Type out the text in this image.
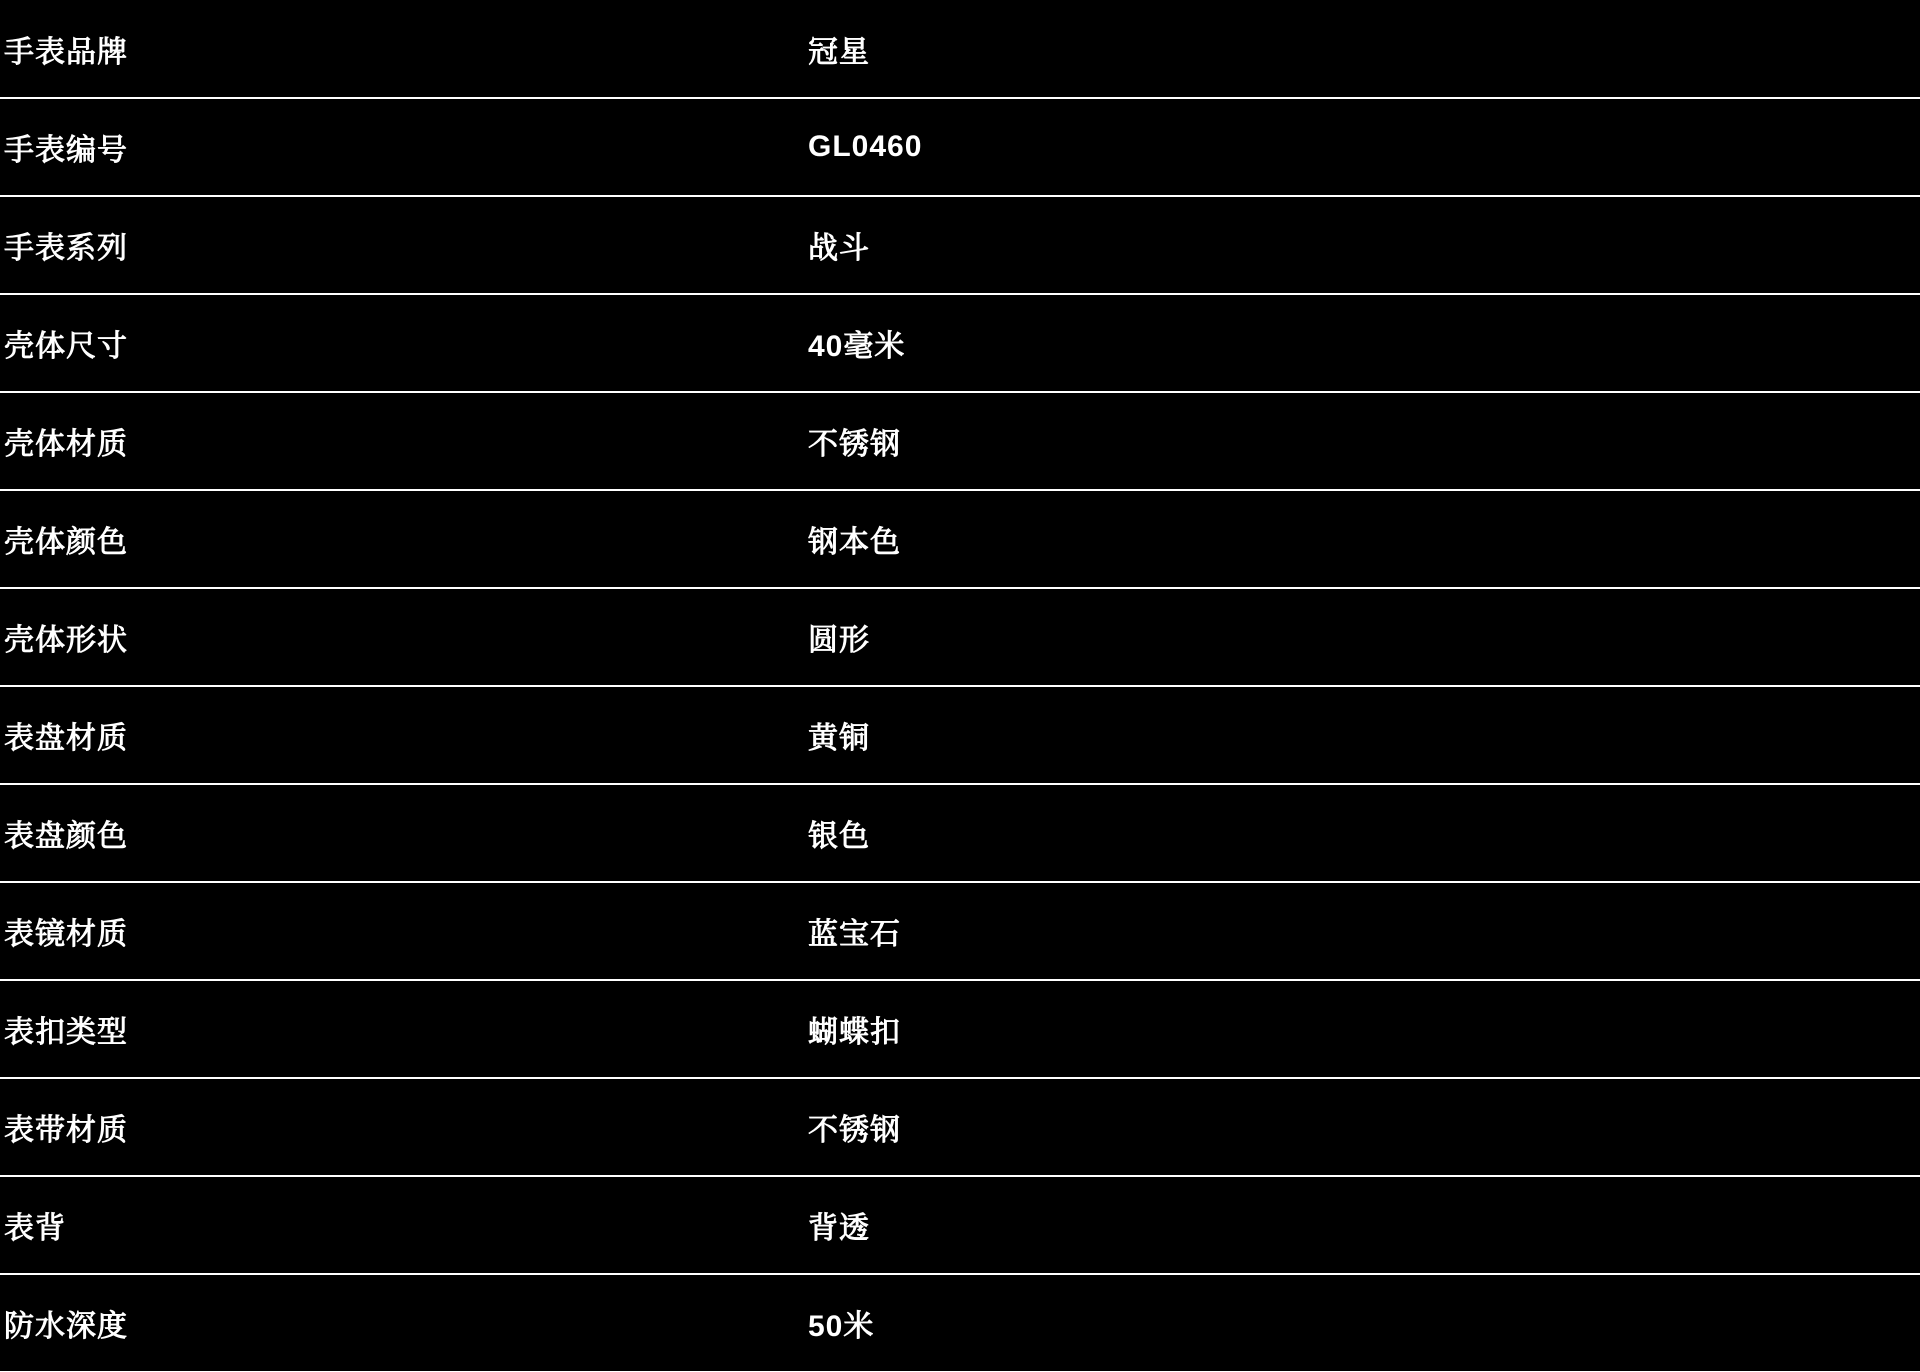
手表品牌	冠星
手表编号	GL0460
手表系列	战斗
壳体尺寸	40毫米
壳体材质	不锈钢
壳体颜色	钢本色
壳体形状	圆形
表盘材质	黄铜
表盘颜色	银色
表镜材质	蓝宝石
表扣类型	蝴蝶扣
表带材质	不锈钢
表背	背透
防水深度	50米
